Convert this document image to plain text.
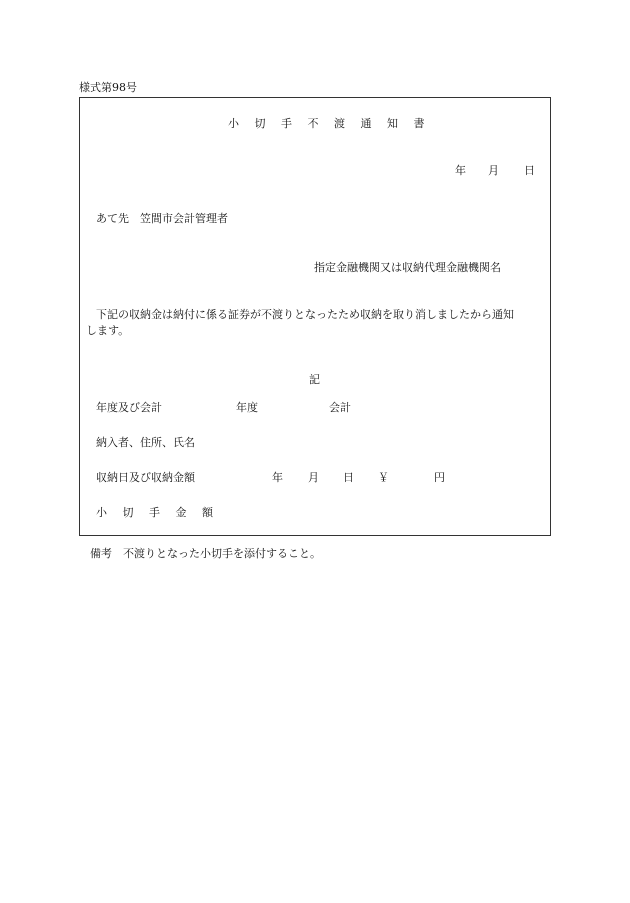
様式第98号
小 切 手 不 渡 通 知 書
年 月 日
あて先　笠間市会計管理者
指定金融機関又は収納代理金融機関名
下記の収納金は納付に係る証券が不渡りとなったため収納を取り消しましたから通知
します。
記
年度及び会計	年度	会計
納入者、住所、氏名
収納日及び収納金額	年 月 日 ￥	円
小 切 手 金 額
備考　不渡りとなった小切手を添付すること。
